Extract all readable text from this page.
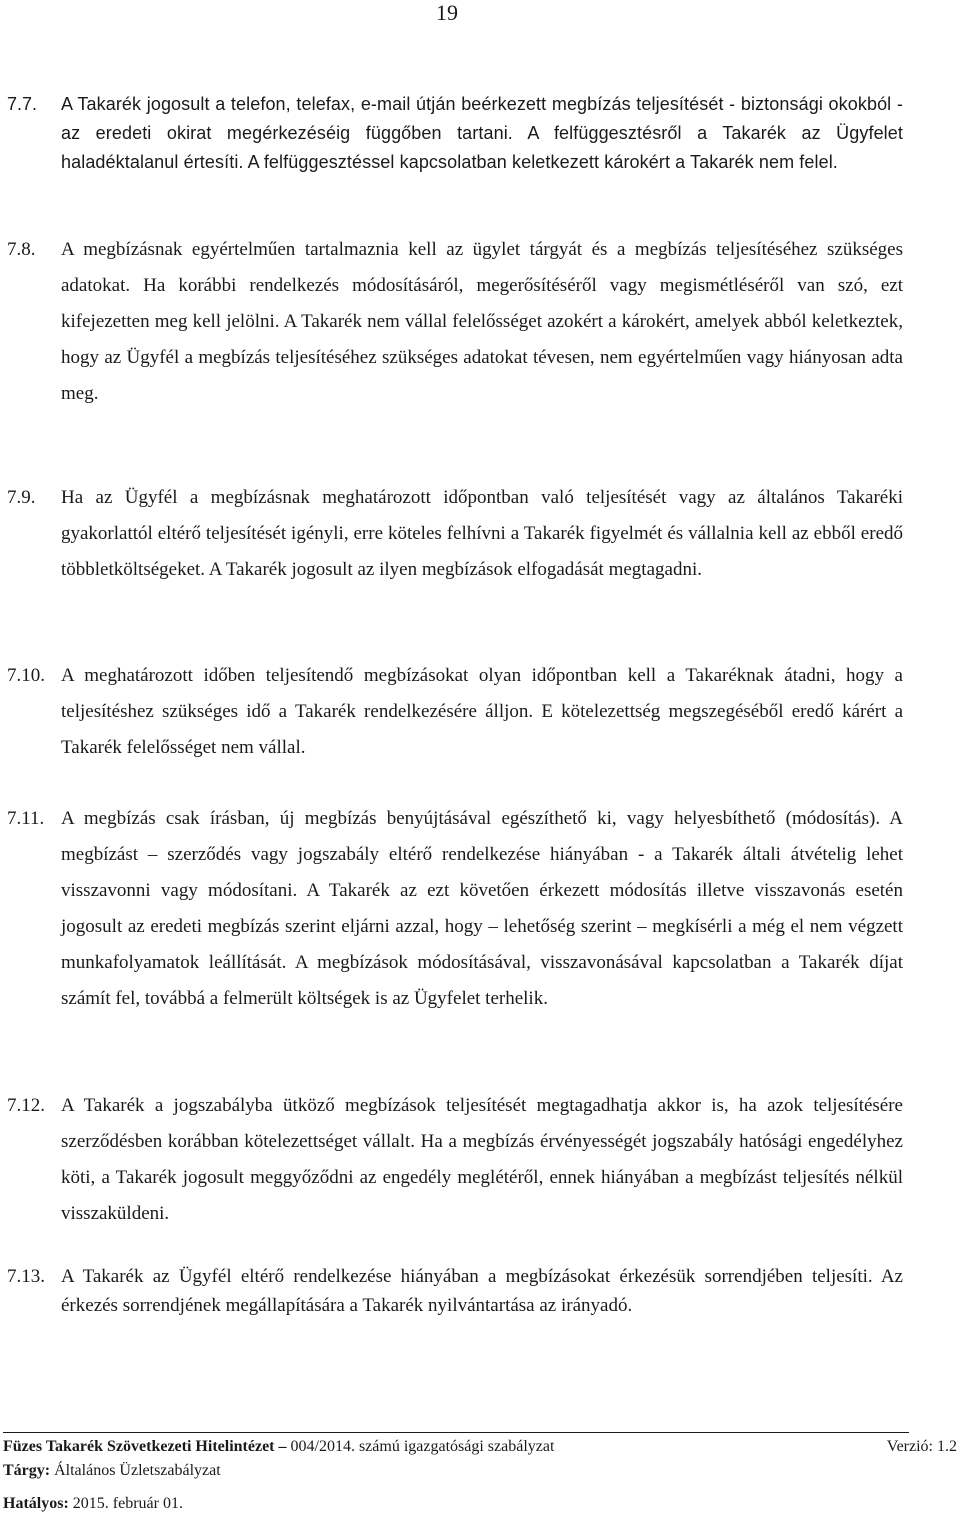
19
7.7. A Takarék jogosult a telefon, telefax, e-mail útján beérkezett megbízás teljesítését - biztonsági okokból - az eredeti okirat megérkezéséig függőben tartani. A felfüggesztésről a Takarék az Ügyfelet haladéktalanul értesíti. A felfüggesztéssel kapcsolatban keletkezett károkért a Takarék nem felel.
7.8. A megbízásnak egyértelműen tartalmaznia kell az ügylet tárgyát és a megbízás teljesítéséhez szükséges adatokat. Ha korábbi rendelkezés módosításáról, megerősítéséről vagy megismétléséről van szó, ezt kifejezetten meg kell jelölni. A Takarék nem vállal felelősséget azokért a károkért, amelyek abból keletkeztek, hogy az Ügyfél a megbízás teljesítéséhez szükséges adatokat tévesen, nem egyértelműen vagy hiányosan adta meg.
7.9. Ha az Ügyfél a megbízásnak meghatározott időpontban való teljesítését vagy az általános Takaréki gyakorlattól eltérő teljesítését igényli, erre köteles felhívni a Takarék figyelmét és vállalnia kell az ebből eredő többletköltségeket. A Takarék jogosult az ilyen megbízások elfogadását megtagadni.
7.10. A meghatározott időben teljesítendő megbízásokat olyan időpontban kell a Takaréknak átadni, hogy a teljesítéshez szükséges idő a Takarék rendelkezésére álljon. E kötelezettség megszegéséből eredő kárért a Takarék felelősséget nem vállal.
7.11. A megbízás csak írásban, új megbízás benyújtásával egészíthető ki, vagy helyesbíthető (módosítás). A megbízást – szerződés vagy jogszabály eltérő rendelkezése hiányában - a Takarék általi átvételig lehet visszavonni vagy módosítani. A Takarék az ezt követően érkezett módosítás illetve visszavonás esetén jogosult az eredeti megbízás szerint eljárni azzal, hogy – lehetőség szerint – megkísérli a még el nem végzett munkafolyamatok leállítását. A megbízások módosításával, visszavonásával kapcsolatban a Takarék díjat számít fel, továbbá a felmerült költségek is az Ügyfelet terhelik.
7.12. A Takarék a jogszabályba ütköző megbízások teljesítését megtagadhatja akkor is, ha azok teljesítésére szerződésben korábban kötelezettséget vállalt. Ha a megbízás érvényességét jogszabály hatósági engedélyhez köti, a Takarék jogosult meggyőződni az engedély meglétéről, ennek hiányában a megbízást teljesítés nélkül visszaküldeni.
7.13. A Takarék az Ügyfél eltérő rendelkezése hiányában a megbízásokat érkezésük sorrendjében teljesíti. Az érkezés sorrendjének megállapítására a Takarék nyilvántartása az irányadó.
Füzes Takarék Szövetkezeti Hitelintézet – 004/2014. számú igazgatósági szabályzat	Verzió: 1.2
Tárgy: Általános Üzletszabályzat
Hatályos: 2015. február 01.
